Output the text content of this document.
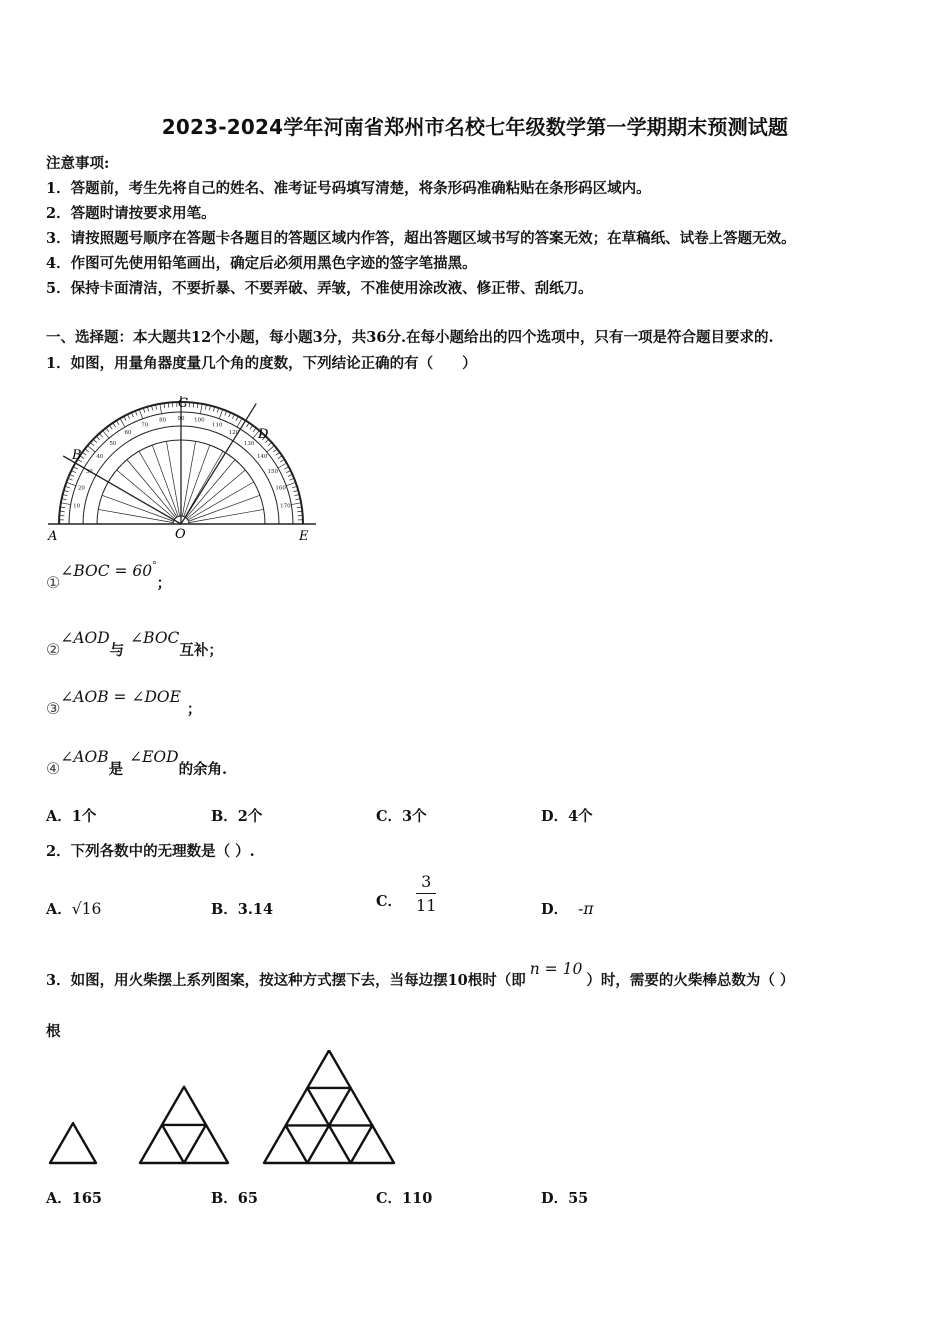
2023-2024学年河南省郑州市名校七年级数学第一学期期末预测试题
注意事项:
1．答题前，考生先将自己的姓名、准考证号码填写清楚，将条形码准确粘贴在条形码区域内。
2．答题时请按要求用笔。
3．请按照题号顺序在答题卡各题目的答题区域内作答，超出答题区域书写的答案无效；在草稿纸、试卷上答题无效。
4．作图可先使用铅笔画出，确定后必须用黑色字迹的签字笔描黑。
5．保持卡面清洁，不要折暴、不要弄破、弄皱，不准使用涂改液、修正带、刮纸刀。
一、选择题：本大题共12个小题，每小题3分，共36分.在每小题给出的四个选项中，只有一项是符合题目要求的.
1．如图，用量角器度量几个角的度数，下列结论正确的有（　　）
170
160
150
140
130
120
110
100
90
80
70
60
50
40
30
20
10
C
D
B
A	O	E
①∠BOC = 60°；
②∠AOD与∠BOC互补；
③∠AOB = ∠DOE；
④∠AOB是∠EOD的余角.
A．1个	B．2个	C．3个	D．4个
2．下列各数中的无理数是（ ）.
A．√16	B．3.14	C． $\frac{3}{11}$	D． -π
3．如图，用火柴摆上系列图案，按这种方式摆下去，当每边摆10根时（即n = 10）时，需要的火柴棒总数为（ ）
根
A．165	B．65	C．110	D．55
